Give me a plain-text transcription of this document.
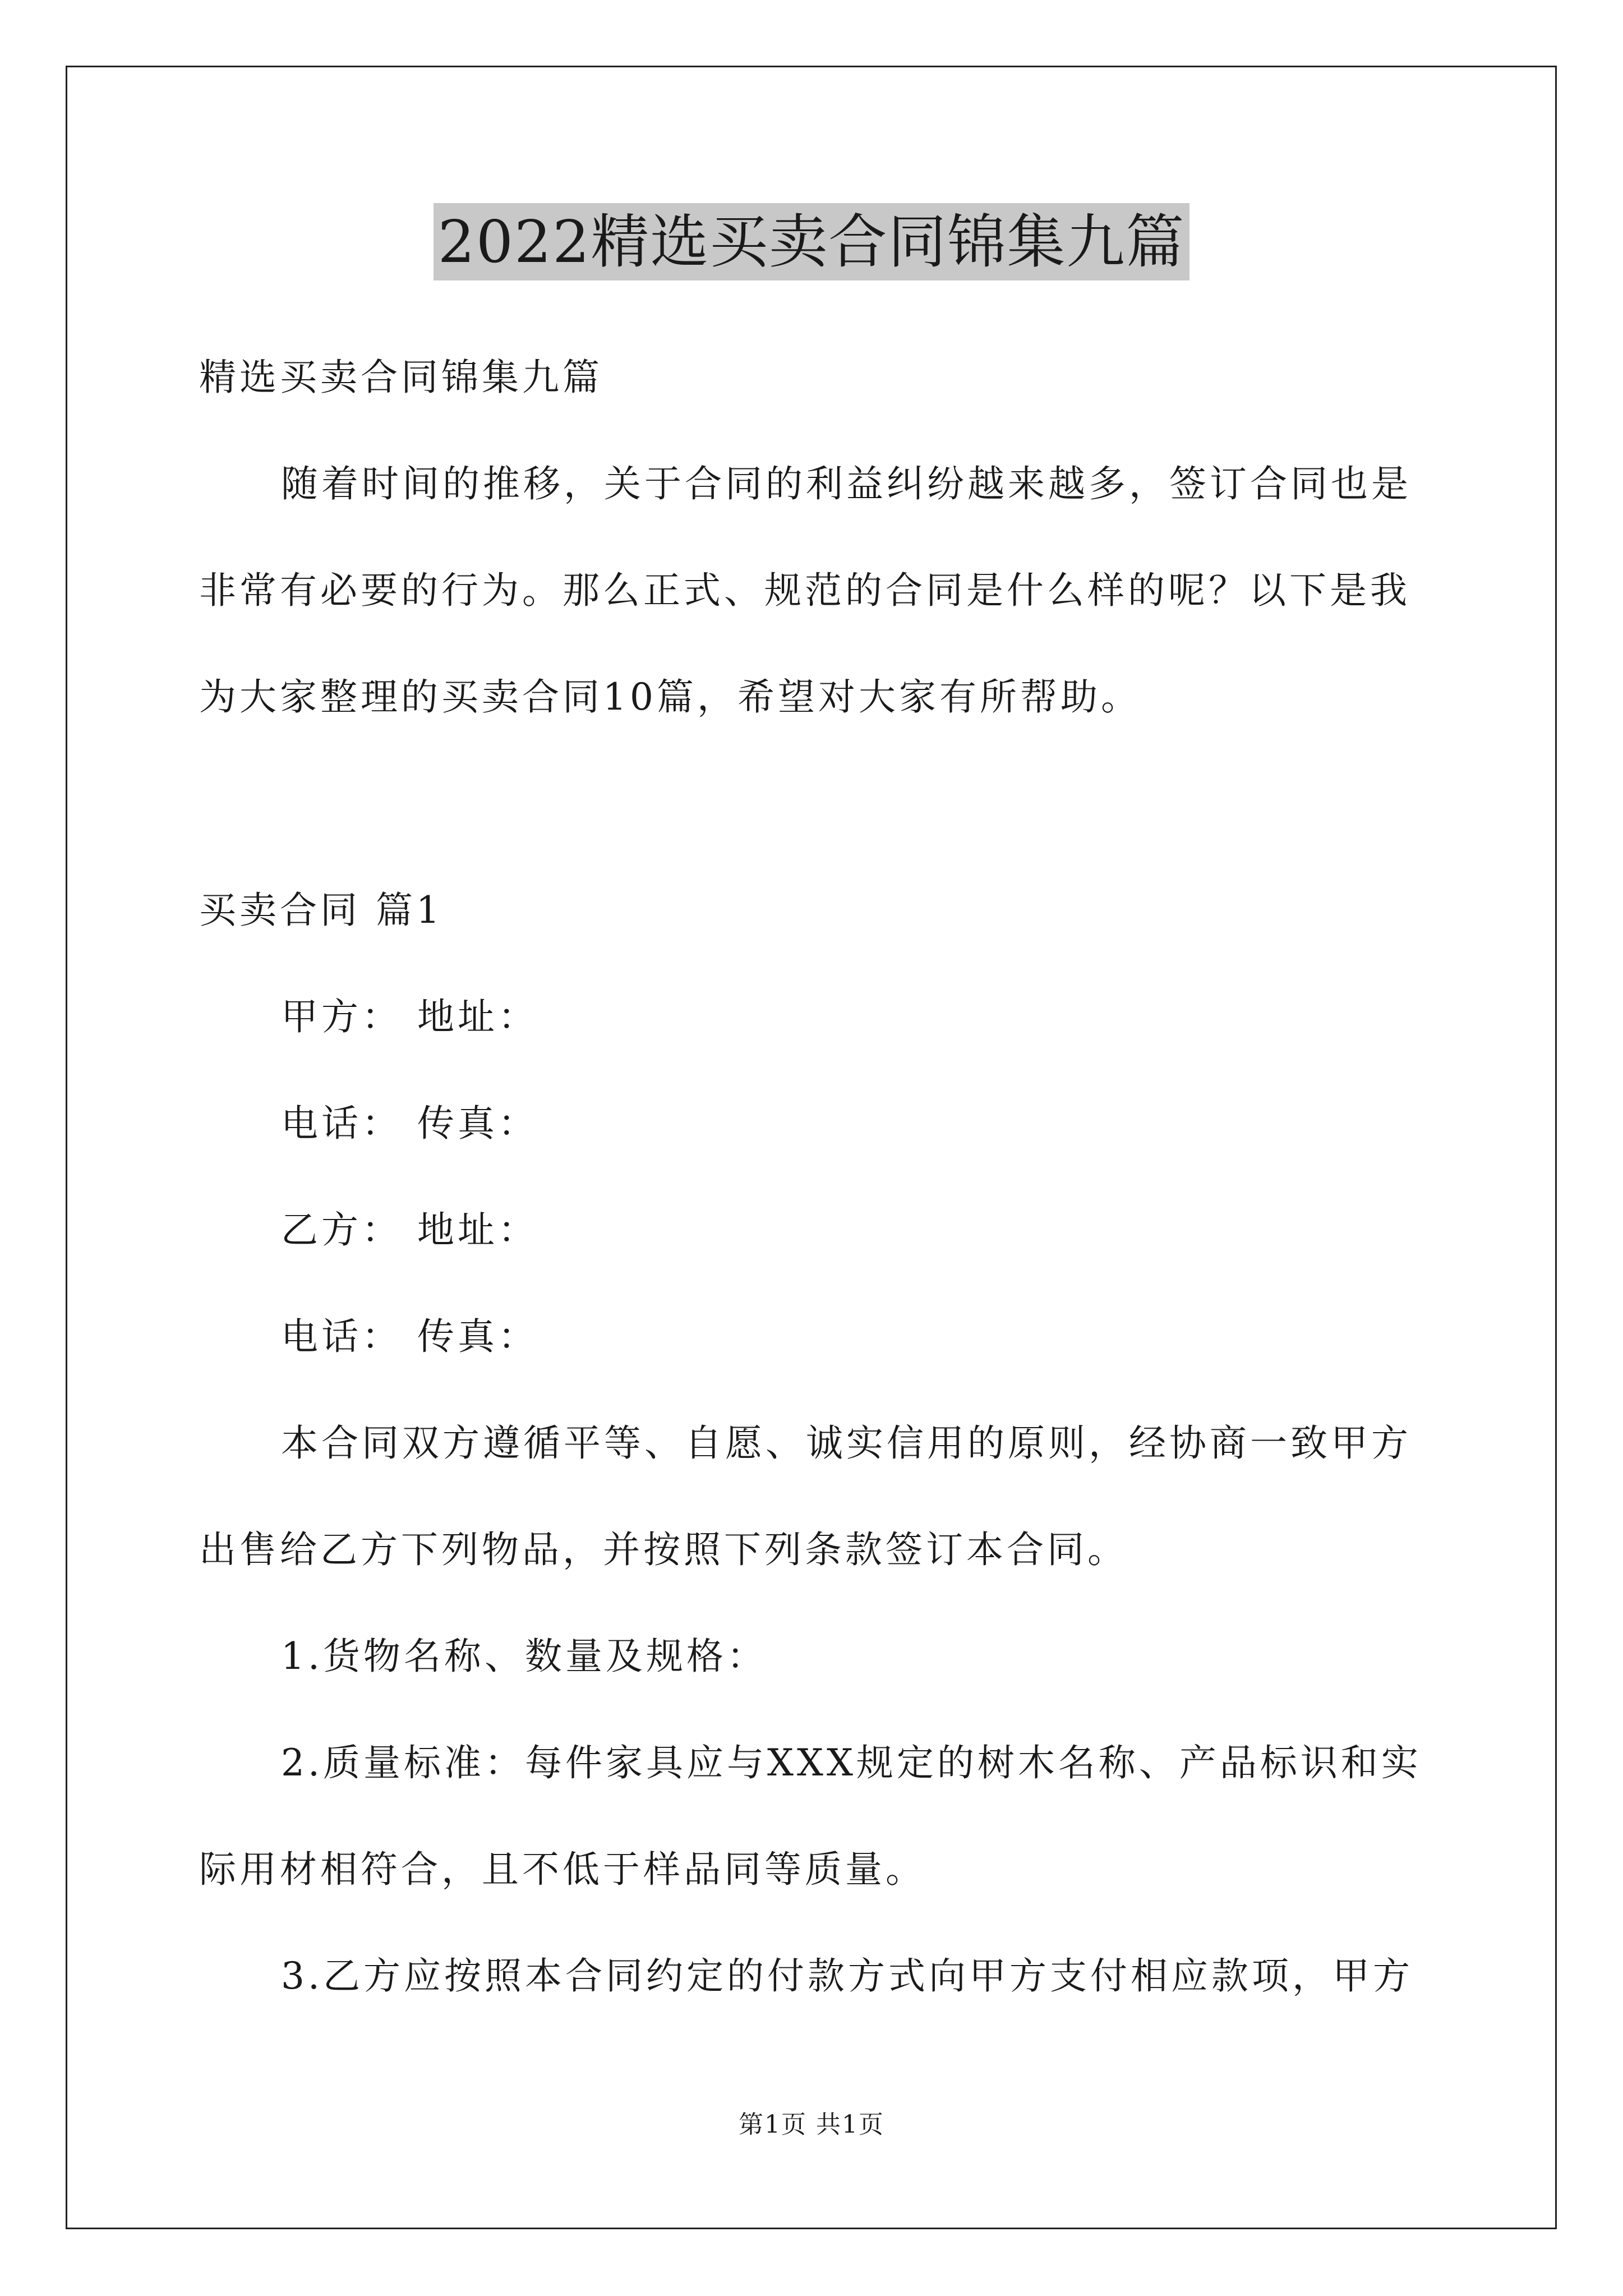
2022精选买卖合同锦集九篇
精选买卖合同锦集九篇
随着时间的推移，关于合同的利益纠纷越来越多，签订合同也是
非常有必要的行为。那么正式、规范的合同是什么样的呢？以下是我
为大家整理的买卖合同10篇，希望对大家有所帮助。
买卖合同 篇1
甲方： 地址：
电话： 传真：
乙方： 地址：
电话： 传真：
本合同双方遵循平等、自愿、诚实信用的原则，经协商一致甲方
出售给乙方下列物品，并按照下列条款签订本合同。
1.货物名称、数量及规格：
2.质量标准：每件家具应与XXX规定的树木名称、产品标识和实
际用材相符合，且不低于样品同等质量。
3.乙方应按照本合同约定的付款方式向甲方支付相应款项，甲方
第1页 共1页
